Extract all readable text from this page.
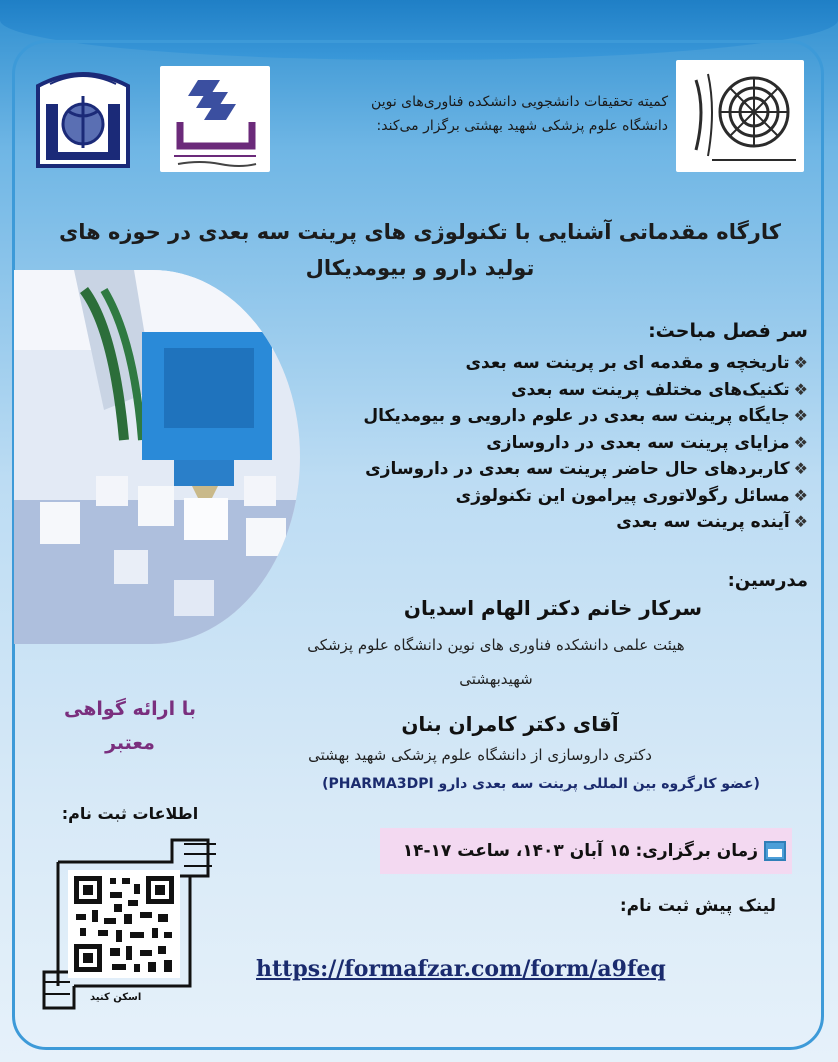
کمیته تحقیقات دانشجویی دانشکده فناوری‌های نوین
دانشگاه علوم پزشکی شهید بهشتی برگزار می‌کند:
کارگاه مقدماتی آشنایی با تکنولوژی های پرینت سه بعدی در حوزه های تولید دارو و بیومدیکال
سر فصل مباحث:
❖تاریخچه و مقدمه ای بر پرینت سه بعدی
❖تکنیک‌های مختلف پرینت سه بعدی
❖جایگاه پرینت سه بعدی در علوم دارویی و بیومدیکال
❖مزایای پرینت سه بعدی در داروسازی
❖کاربردهای حال حاضر پرینت سه بعدی در داروسازی
❖مسائل رگولاتوری پیرامون این تکنولوژی
❖آینده پرینت سه بعدی
مدرسین:
سرکار خانم دکتر الهام اسدیان
هیئت علمی دانشکده فناوری های نوین دانشگاه علوم پزشکی شهیدبهشتی
آقای دکتر کامران بنان
دکتری داروسازی از دانشگاه علوم پزشکی شهید بهشتی
(عضو کارگروه بین المللی پرینت سه بعدی دارو PHARMA3DPI)
با ارائه گواهی معتبر
زمان برگزاری: ۱۵ آبان ۱۴۰۳، ساعت ۱۷-۱۴
لینک پیش ثبت نام:
https://formafzar.com/form/a9feq
اطلاعات ثبت نام:
اسکن کنید
